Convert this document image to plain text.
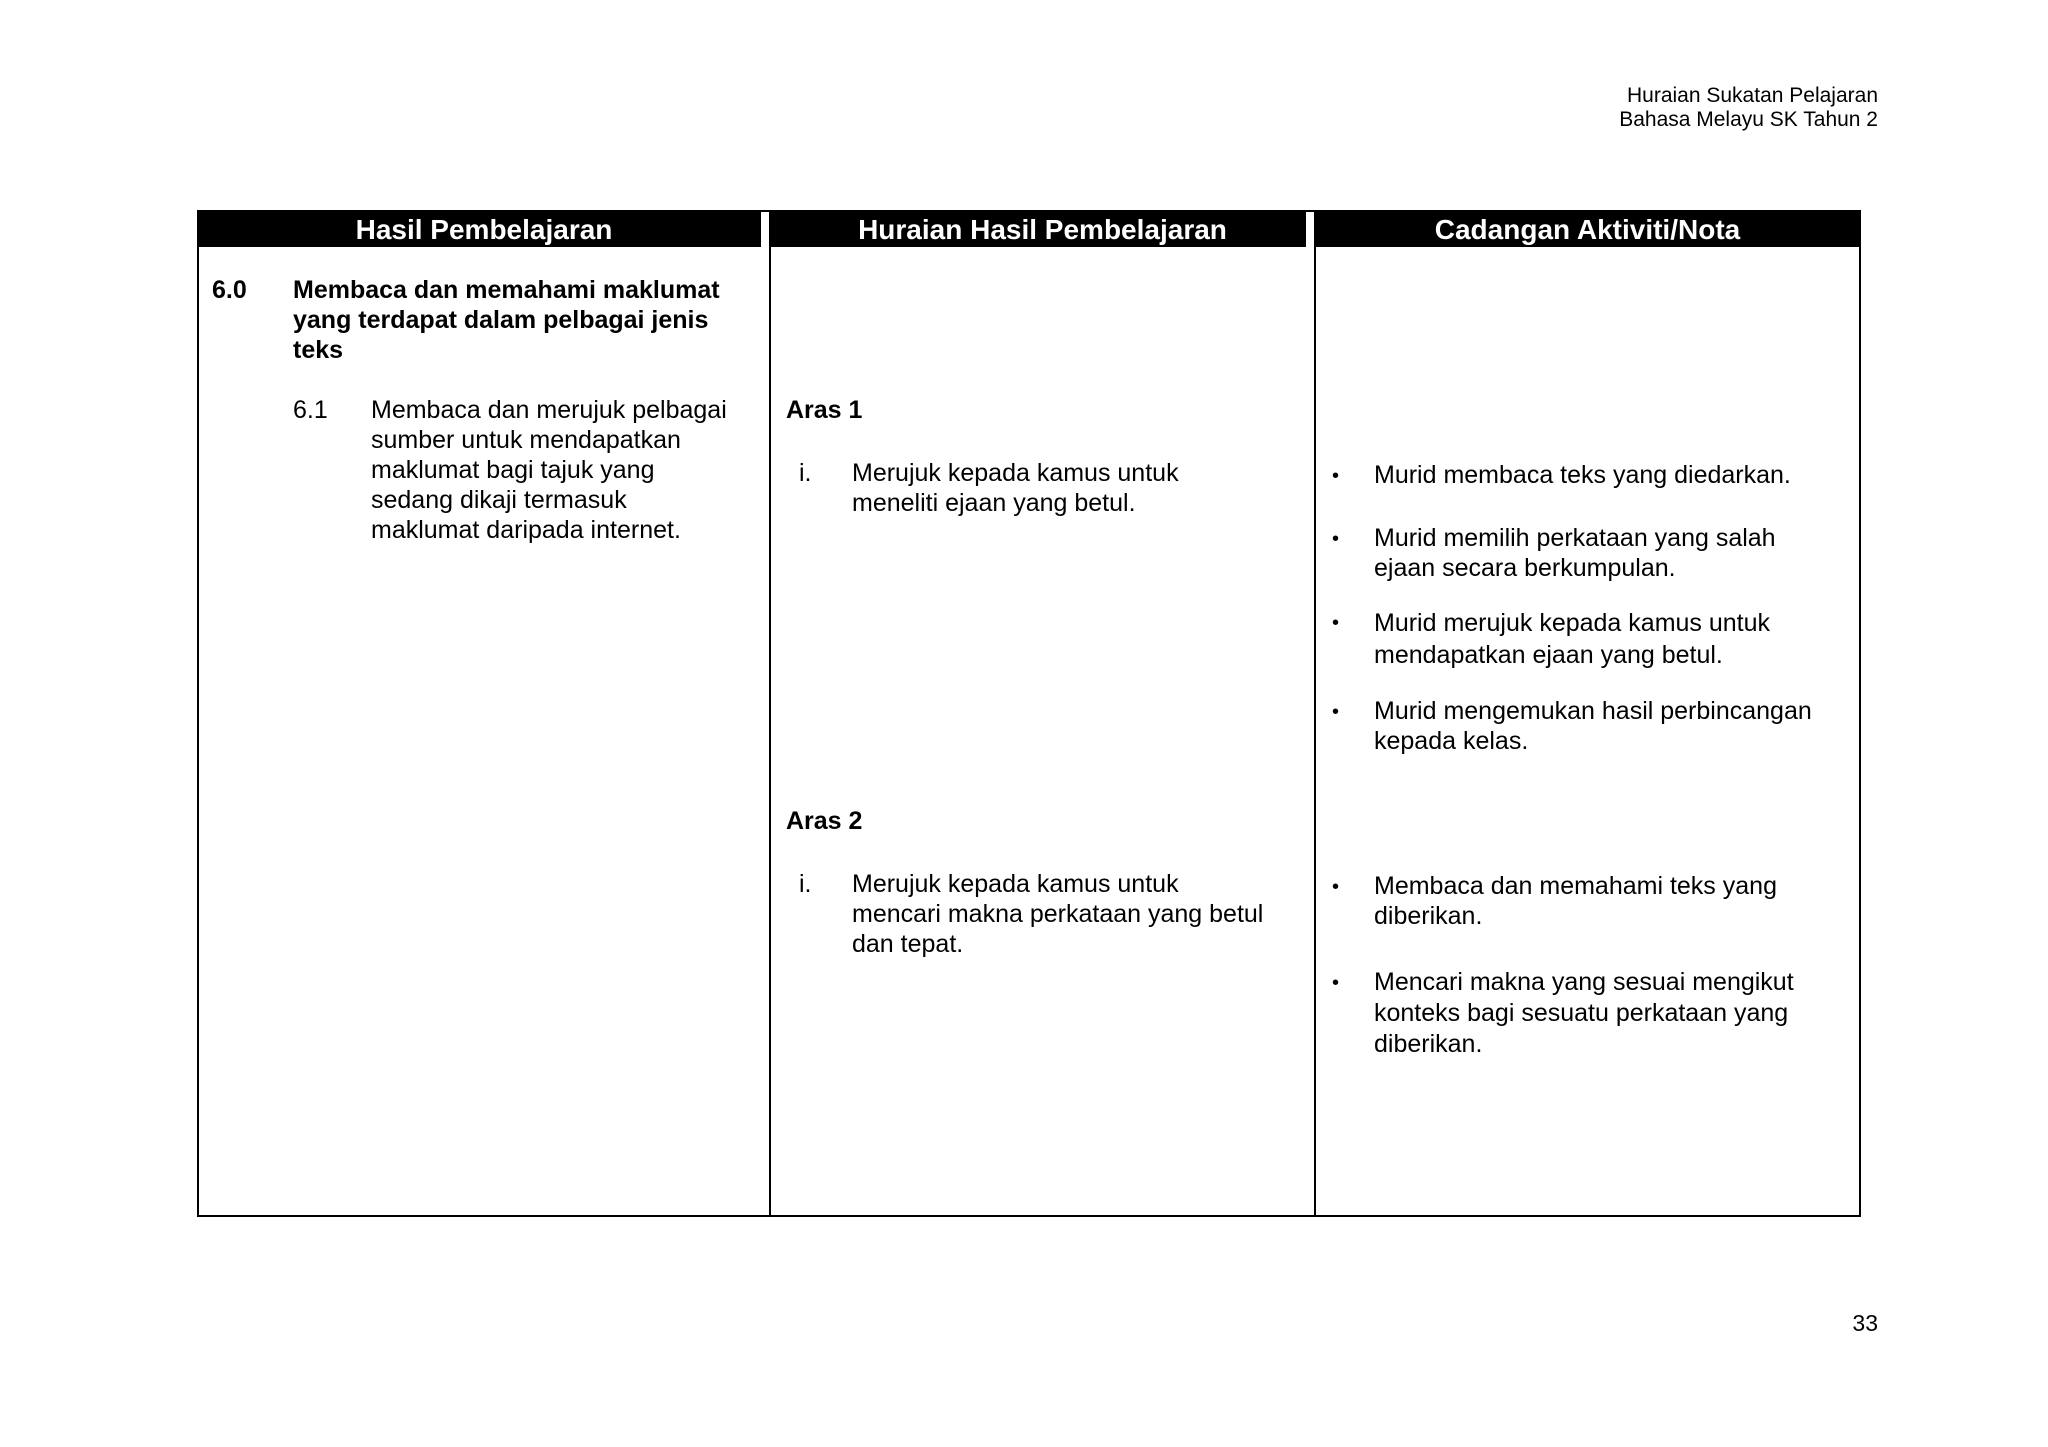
Huraian Sukatan Pelajaran
Bahasa Melayu SK Tahun 2
Hasil Pembelajaran	Huraian Hasil Pembelajaran	Cadangan Aktiviti/Nota
6.0 Membaca dan memahami maklumat
yang terdapat dalam pelbagai jenis
teks
6.1 Membaca dan merujuk pelbagai
sumber untuk mendapatkan
maklumat bagi tajuk yang
sedang dikaji termasuk
maklumat daripada internet.
Aras 1
i. Merujuk kepada kamus untuk
meneliti ejaan yang betul.
Aras 2
i. Merujuk kepada kamus untuk
mencari makna perkataan yang betul
dan tepat.
• Murid membaca teks yang diedarkan.
• Murid memilih perkataan yang salah
ejaan secara berkumpulan.
• Murid merujuk kepada kamus untuk
mendapatkan ejaan yang betul.
• Murid mengemukan hasil perbincangan
kepada kelas.
• Membaca dan memahami teks yang
diberikan.
• Mencari makna yang sesuai mengikut
konteks bagi sesuatu perkataan yang
diberikan.
33
